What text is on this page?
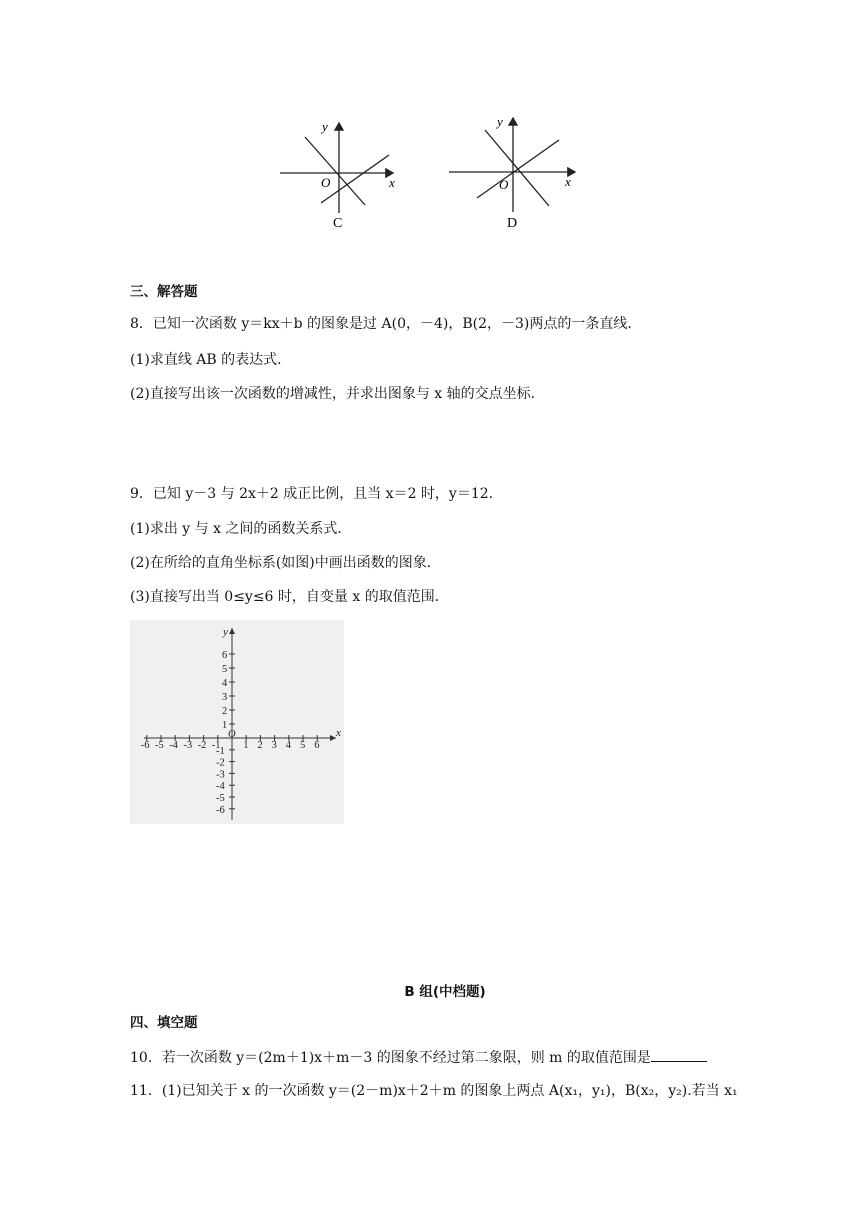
y
x
O
C
y
x
O
D
三、解答题
8．已知一次函数 y＝kx＋b 的图象是过 A(0，－4)，B(2，－3)两点的一条直线．
(1)求直线 AB 的表达式．
(2)直接写出该一次函数的增减性，并求出图象与 x 轴的交点坐标．
9．已知 y－3 与 2x＋2 成正比例，且当 x＝2 时，y＝12.
(1)求出 y 与 x 之间的函数关系式．
(2)在所给的直角坐标系(如图)中画出函数的图象．
(3)直接写出当 0≤y≤6 时，自变量 x 的取值范围．
1 2 3 4 5 6
-6 -5 -4 -3 -2 -1
6
5
4
3
2
1
-1
-2
-3
-4
-5
-6
x
y
O
B 组(中档题)
四、填空题
10．若一次函数 y＝(2m＋1)x＋m－3 的图象不经过第二象限，则 m 的取值范围是
11．(1)已知关于 x 的一次函数 y＝(2－m)x＋2＋m 的图象上两点 A(x₁，y₁)，B(x₂，y₂).若当 x₁
